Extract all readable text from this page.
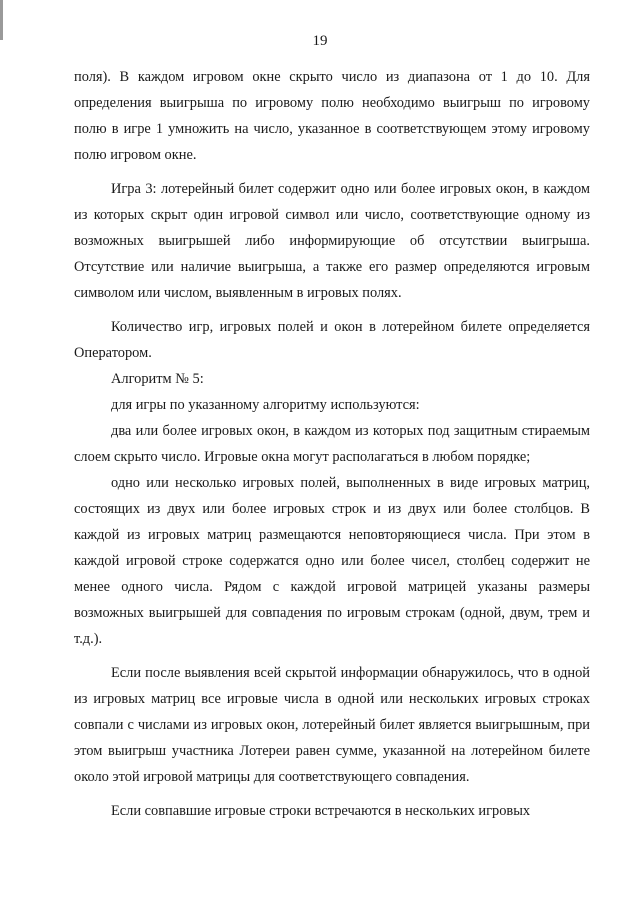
19

поля). В каждом игровом окне скрыто число из диапазона от 1 до 10. Для определения выигрыша по игровому полю необходимо выигрыш по игровому полю в игре 1 умножить на число, указанное в соответствующем этому игровому полю игровом окне.

Игра 3: лотерейный билет содержит одно или более игровых окон, в каждом из которых скрыт один игровой символ или число, соответствующие одному из возможных выигрышей либо информирующие об отсутствии выигрыша. Отсутствие или наличие выигрыша, а также его размер определяются игровым символом или числом, выявленным в игровых полях.

Количество игр, игровых полей и окон в лотерейном билете определяется Оператором.

Алгоритм № 5:

для игры по указанному алгоритму используются:

два или более игровых окон, в каждом из которых под защитным стираемым слоем скрыто число. Игровые окна могут располагаться в любом порядке;

одно или несколько игровых полей, выполненных в виде игровых матриц, состоящих из двух или более игровых строк и из двух или более столбцов. В каждой из игровых матриц размещаются неповторяющиеся числа. При этом в каждой игровой строке содержатся одно или более чисел, столбец содержит не менее одного числа. Рядом с каждой игровой матрицей указаны размеры возможных выигрышей для совпадения по игровым строкам (одной, двум, трем и т.д.).

Если после выявления всей скрытой информации обнаружилось, что в одной из игровых матриц все игровые числа в одной или нескольких игровых строках совпали с числами из игровых окон, лотерейный билет является выигрышным, при этом выигрыш участника Лотереи равен сумме, указанной на лотерейном билете около этой игровой матрицы для соответствующего совпадения.

Если совпавшие игровые строки встречаются в нескольких игровых
